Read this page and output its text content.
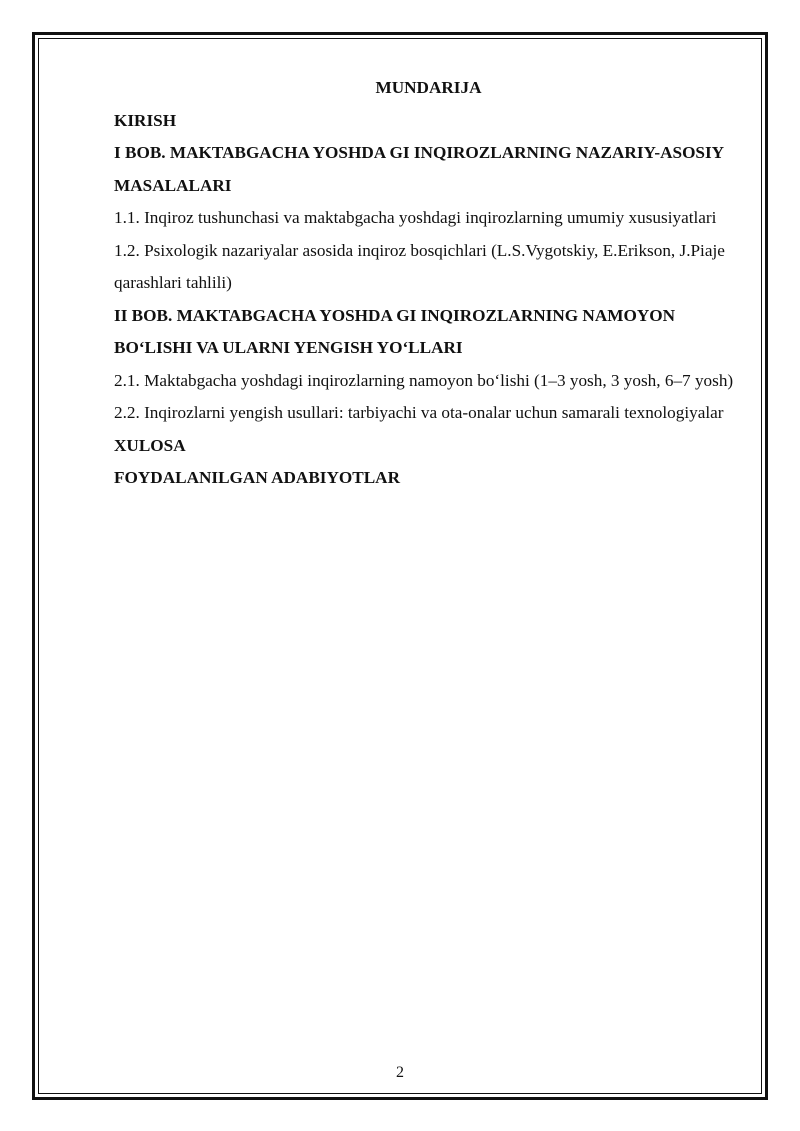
MUNDARIJA

KIRISH

I BOB. MAKTABGACHA YOSHDA GI INQIROZLARNING NAZARIY-ASOSIY MASALALARI

1.1. Inqiroz tushunchasi va maktabgacha yoshdagi inqirozlarning umumiy xususiyatlari

1.2. Psixologik nazariyalar asosida inqiroz bosqichlari (L.S.Vygotskiy, E.Erikson, J.Piaje qarashlari tahlili)

II BOB. MAKTABGACHA YOSHDA GI INQIROZLARNING NAMOYON BO‘LISHI VA ULARNI YENGISH YO‘LLARI

2.1. Maktabgacha yoshdagi inqirozlarning namoyon bo‘lishi (1–3 yosh, 3 yosh, 6–7 yosh)

2.2. Inqirozlarni yengish usullari: tarbiyachi va ota-onalar uchun samarali texnologiyalar

XULOSA

FOYDALANILGAN ADABIYOTLAR

2
